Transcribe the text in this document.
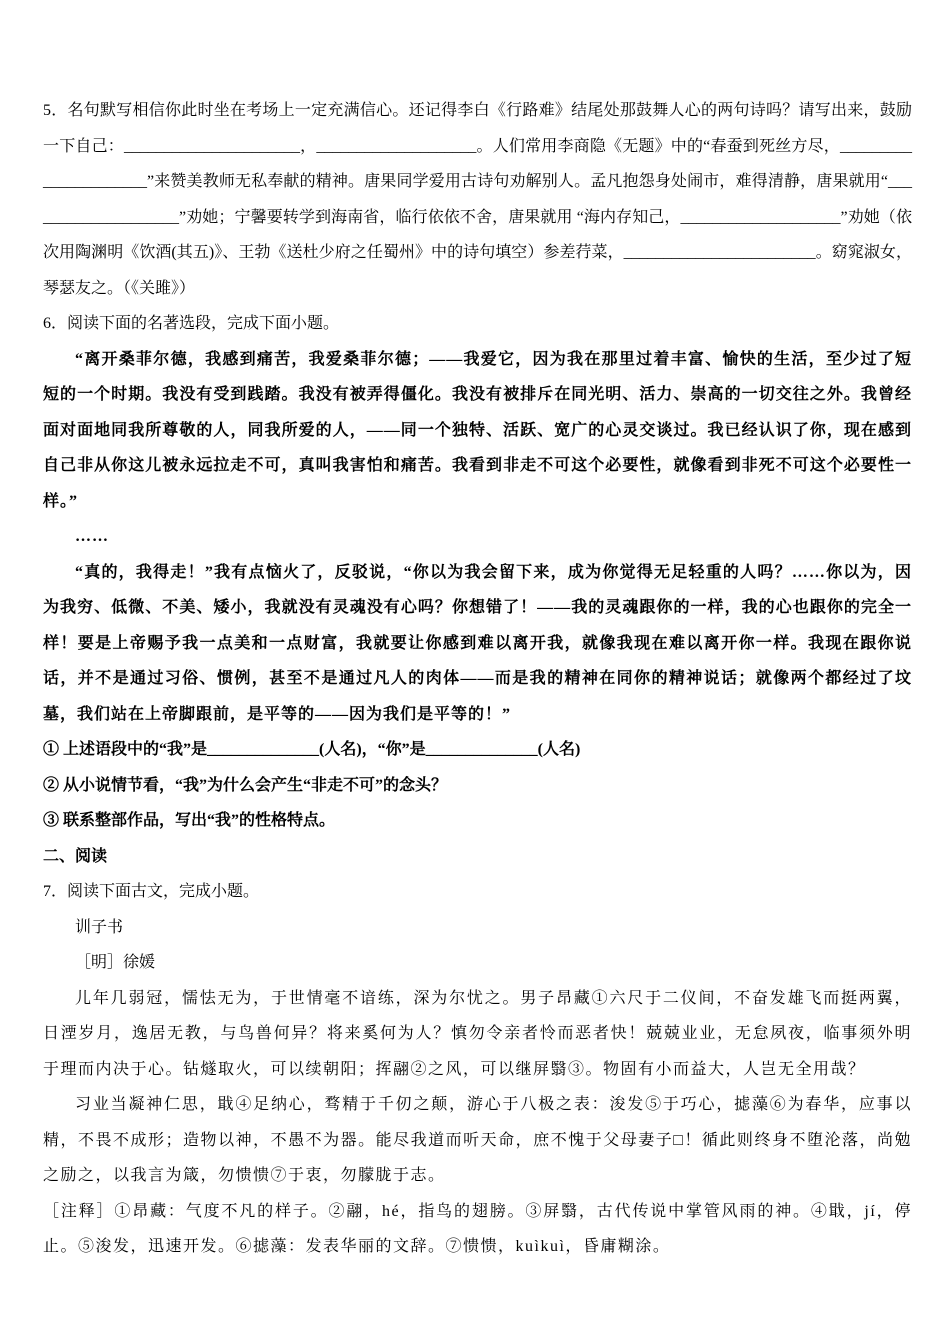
5．名句默写相信你此时坐在考场上一定充满信心。还记得李白《行路难》结尾处那鼓舞人心的两句诗吗？请写出来，鼓励一下自己：______________________，____________________。人们常用李商隐《无题》中的“春蚕到死丝方尽，______________________”来赞美教师无私奉献的精神。唐果同学爱用古诗句劝解别人。孟凡抱怨身处闹市，难得清静，唐果就用“____________________”劝她；宁馨要转学到海南省，临行依依不舍，唐果就用 “海内存知己，____________________”劝她（依次用陶渊明《饮酒(其五)》、王勃《送杜少府之任蜀州》中的诗句填空）参差荇菜，________________________。窈窕淑女，琴瑟友之。（《关雎》）

6．阅读下面的名著选段，完成下面小题。

“离开桑菲尔德，我感到痛苦，我爱桑菲尔德；——我爱它，因为我在那里过着丰富、愉快的生活，至少过了短短的一个时期。我没有受到践踏。我没有被弄得僵化。我没有被排斥在同光明、活力、崇高的一切交往之外。我曾经面对面地同我所尊敬的人，同我所爱的人，——同一个独特、活跃、宽广的心灵交谈过。我已经认识了你，现在感到自己非从你这儿被永远拉走不可，真叫我害怕和痛苦。我看到非走不可这个必要性，就像看到非死不可这个必要性一样。”

……

“真的，我得走！”我有点恼火了，反驳说，“你以为我会留下来，成为你觉得无足轻重的人吗？……你以为，因为我穷、低微、不美、矮小，我就没有灵魂没有心吗？你想错了！——我的灵魂跟你的一样，我的心也跟你的完全一样！要是上帝赐予我一点美和一点财富，我就要让你感到难以离开我，就像我现在难以离开你一样。我现在跟你说话，并不是通过习俗、惯例，甚至不是通过凡人的肉体——而是我的精神在同你的精神说话；就像两个都经过了坟墓，我们站在上帝脚跟前，是平等的——因为我们是平等的！”

① 上述语段中的“我”是______________(人名)，“你”是______________(人名)

② 从小说情节看，“我”为什么会产生“非走不可”的念头？

③ 联系整部作品，写出“我”的性格特点。

二、阅读

7．阅读下面古文，完成小题。

训子书

［明］徐媛

儿年几弱冠，懦怯无为，于世情毫不谙练，深为尔忧之。男子昂藏①六尺于二仪间，不奋发雄飞而挺两翼，日湮岁月，逸居无教，与鸟兽何异？将来奚何为人？慎勿令亲者怜而恶者快！兢兢业业，无怠夙夜，临事须外明于理而内决于心。钻燧取火，可以续朝阳；挥翮②之风，可以继屏翳③。物固有小而益大，人岂无全用哉？

习业当凝神仁思，戢④足纳心，骛精于千仞之颠，游心于八极之表：浚发⑤于巧心，摅藻⑥为春华，应事以精，不畏不成形；造物以神，不愚不为器。能尽我道而听天命，庶不愧于父母妻子□！循此则终身不堕沦落，尚勉之励之，以我言为箴，勿愦愦⑦于衷，勿朦胧于志。

［注释］①昂藏：气度不凡的样子。②翮，hé，指鸟的翅膀。③屏翳，古代传说中掌管风雨的神。④戢，jí，停止。⑤浚发，迅速开发。⑥摅藻：发表华丽的文辞。⑦愦愦，kuìkuì，昏庸糊涂。
